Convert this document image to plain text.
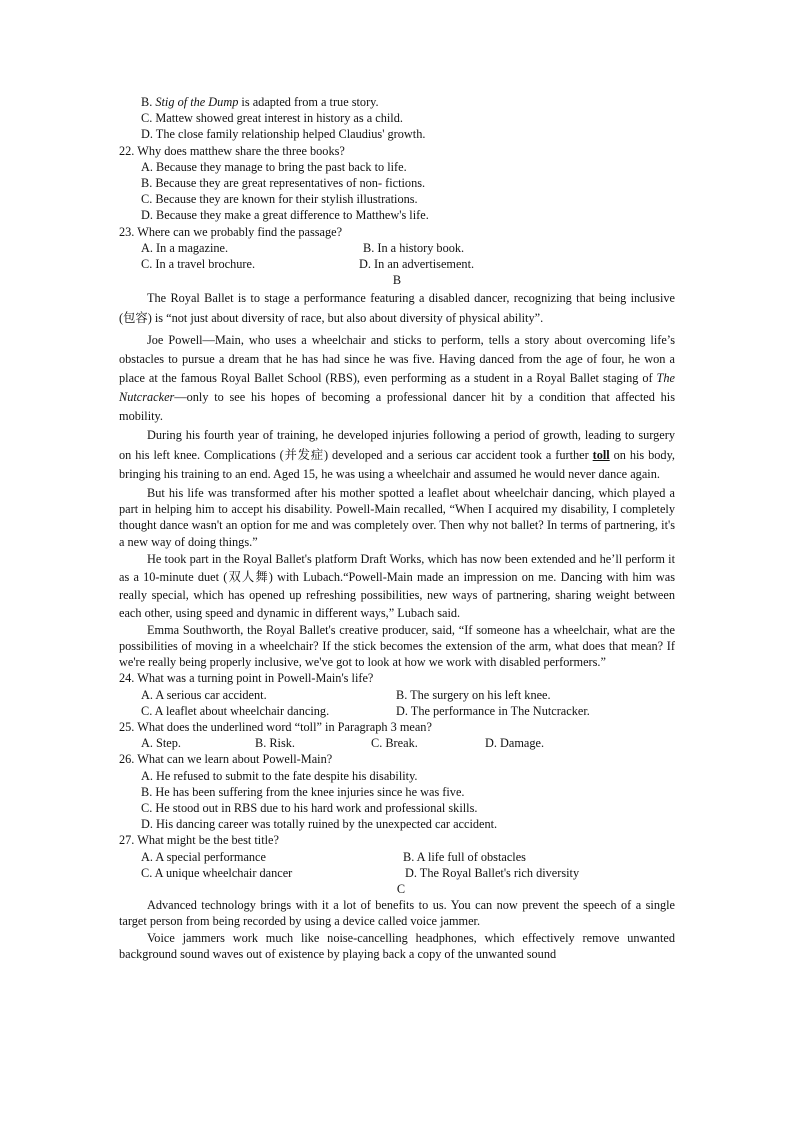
B. Stig of the Dump is adapted from a true story.
C. Mattew showed great interest in history as a child.
D. The close family relationship helped Claudius' growth.
22. Why does matthew share the three books?
A. Because they manage to bring the past back to life.
B. Because they are great representatives of non- fictions.
C. Because they are known for their stylish illustrations.
D. Because they make a great difference to Matthew's life.
23. Where can we probably find the passage?
A. In a magazine.	B. In a history book.
C. In a travel brochure.	D. In an advertisement.
B

The Royal Ballet is to stage a performance featuring a disabled dancer, recognizing that being inclusive (包容) is “not just about diversity of race, but also about diversity of physical ability”.

Joe Powell—Main, who uses a wheelchair and sticks to perform, tells a story about overcoming life’s obstacles to pursue a dream that he has had since he was five. Having danced from the age of four, he won a place at the famous Royal Ballet School (RBS), even performing as a student in a Royal Ballet staging of The Nutcracker—only to see his hopes of becoming a professional dancer hit by a condition that affected his mobility.

During his fourth year of training, he developed injuries following a period of growth, leading to surgery on his left knee. Complications (并发症) developed and a serious car accident took a further toll on his body, bringing his training to an end. Aged 15, he was using a wheelchair and assumed he would never dance again.

But his life was transformed after his mother spotted a leaflet about wheelchair dancing, which played a part in helping him to accept his disability. Powell-Main recalled, “When I acquired my disability, I completely thought dance wasn't an option for me and was completely over. Then why not ballet? In terms of partnering, it's a new way of doing things.”

He took part in the Royal Ballet's platform Draft Works, which has now been extended and he’ll perform it as a 10-minute duet (双人舞) with Lubach.“Powell-Main made an impression on me. Dancing with him was really special, which has opened up refreshing possibilities, new ways of partnering, sharing weight between each other, using speed and dynamic in different ways,” Lubach said.

Emma Southworth, the Royal Ballet's creative producer, said, “If someone has a wheelchair, what are the possibilities of moving in a wheelchair? If the stick becomes the extension of the arm, what does that mean? If we're really being properly inclusive, we've got to look at how we work with disabled performers.”

24. What was a turning point in Powell-Main's life?
A. A serious car accident.	B. The surgery on his left knee.
C. A leaflet about wheelchair dancing.	D. The performance in The Nutcracker.
25. What does the underlined word “toll” in Paragraph 3 mean?
A. Step.	B. Risk.	C. Break.	D. Damage.
26. What can we learn about Powell-Main?
A. He refused to submit to the fate despite his disability.
B. He has been suffering from the knee injuries since he was five.
C. He stood out in RBS due to his hard work and professional skills.
D. His dancing career was totally ruined by the unexpected car accident.
27. What might be the best title?
A. A special performance	B. A life full of obstacles
C. A unique wheelchair dancer	D. The Royal Ballet's rich diversity
C

Advanced technology brings with it a lot of benefits to us. You can now prevent the speech of a single target person from being recorded by using a device called voice jammer.

Voice jammers work much like noise-cancelling headphones, which effectively remove unwanted background sound waves out of existence by playing back a copy of the unwanted sound
